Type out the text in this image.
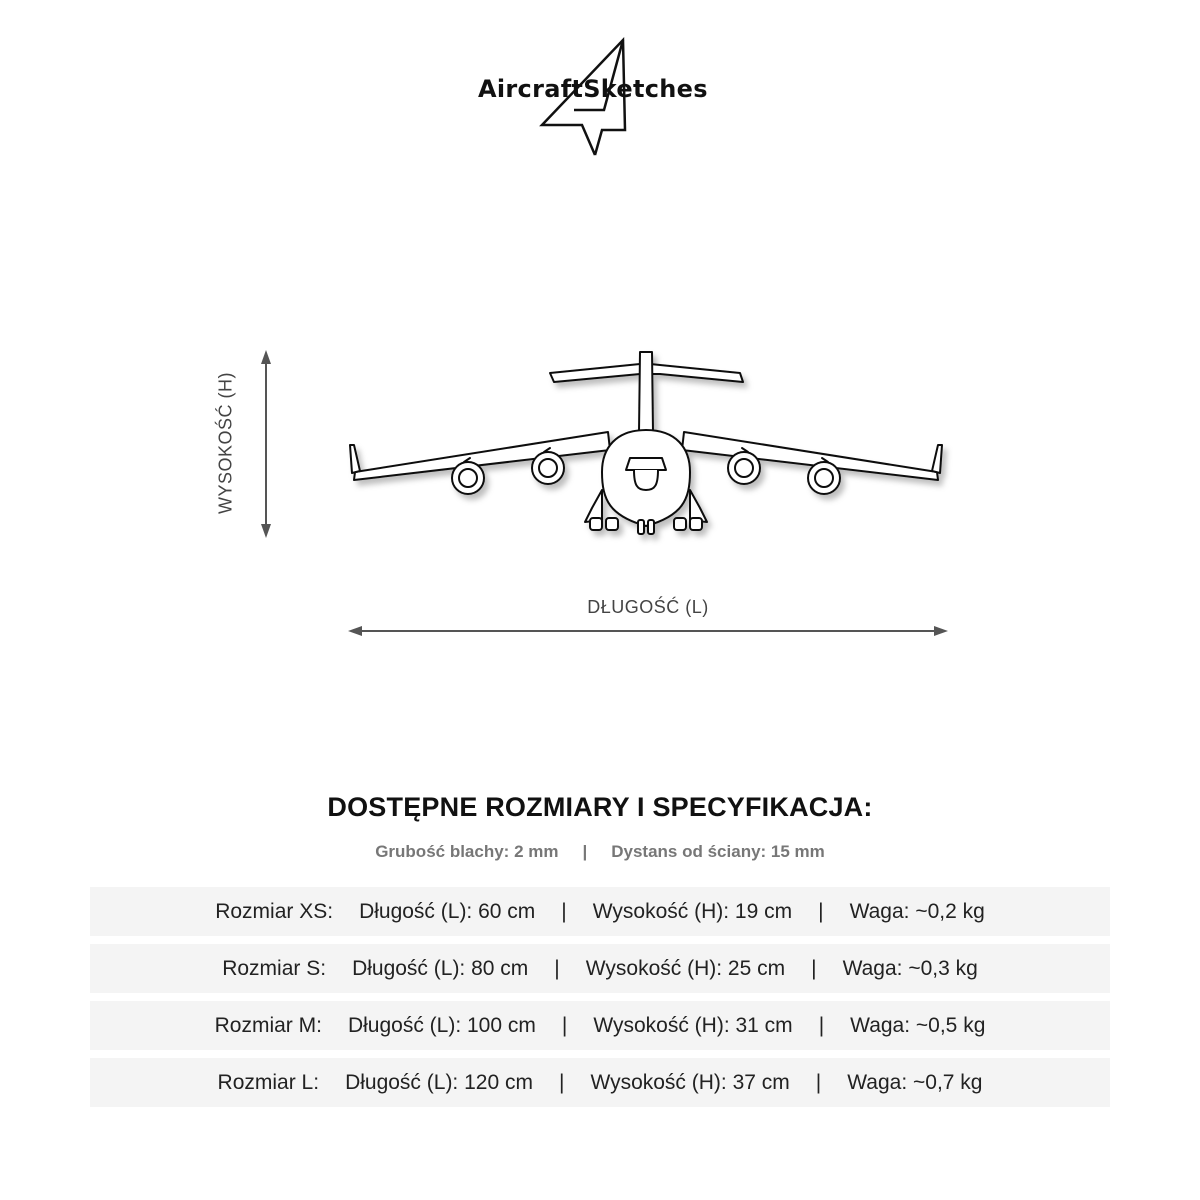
AircraftSketches
WYSOKOŚĆ (H)
DŁUGOŚĆ (L)
DOSTĘPNE ROZMIARY I SPECYFIKACJA:
Grubość blachy: 2 mm | Dystans od ściany: 15 mm
Rozmiar XS: Długość (L): 60 cm | Wysokość (H): 19 cm | Waga: ~0,2 kg
Rozmiar S: Długość (L): 80 cm | Wysokość (H): 25 cm | Waga: ~0,3 kg
Rozmiar M: Długość (L): 100 cm | Wysokość (H): 31 cm | Waga: ~0,5 kg
Rozmiar L: Długość (L): 120 cm | Wysokość (H): 37 cm | Waga: ~0,7 kg
